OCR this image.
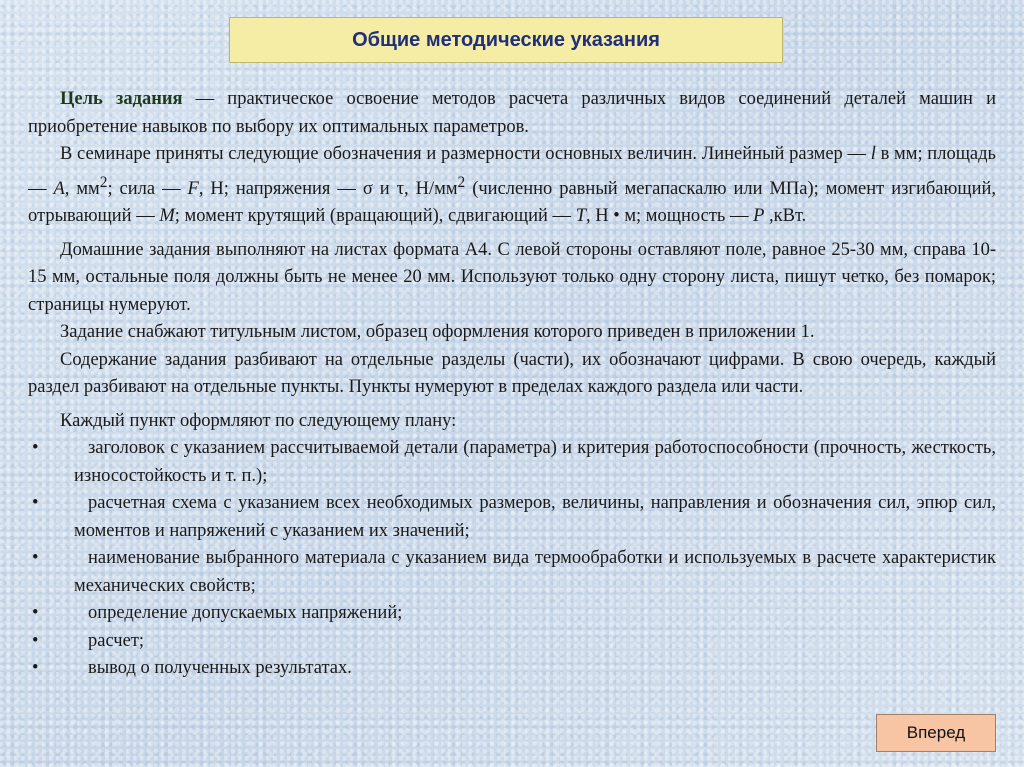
Общие методические указания

Цель задания — практическое освоение методов расчета различных видов соединений деталей машин и приобретение навыков по выбору их оптимальных параметров.

В семинаре приняты следующие обозначения и размерности основных величин. Линейный размер — l в мм; площадь — A, $мм^2$; сила — F, Н; напряжения — σ и τ, $Н/мм^2$ (численно равный мегапаскалю или МПа); момент изгибающий, отрывающий — M; момент крутящий (вращающий), сдвигающий — T, Н • м; мощность — P ,кВт.

Домашние задания выполняют на листах формата А4. С левой стороны оставляют поле, равное 25-30 мм, справа 10-15 мм, остальные поля должны быть не менее 20 мм. Используют только одну сторону листа, пишут четко, без помарок; страницы нумеруют.

Задание снабжают титульным листом, образец оформления которого приведен в приложении 1.

Содержание задания разбивают на отдельные разделы (части), их обозначают цифрами. В свою очередь, каждый раздел разбивают на отдельные пункты. Пункты нумеруют в пределах каждого раздела или части.

Каждый пункт оформляют по следующему плану:

•	заголовок с указанием рассчитываемой детали (параметра) и критерия работоспособности (прочность, жесткость, износостойкость и т. п.);
•	расчетная схема с указанием всех необходимых размеров, величины, направления и обозначения сил, эпюр сил, моментов и напряжений с указанием их значений;
•	наименование выбранного материала с указанием вида термообработки и используемых в расчете характеристик механических свойств;
•	определение допускаемых напряжений;
•	расчет;
•	вывод о полученных результатах.
Вперед
